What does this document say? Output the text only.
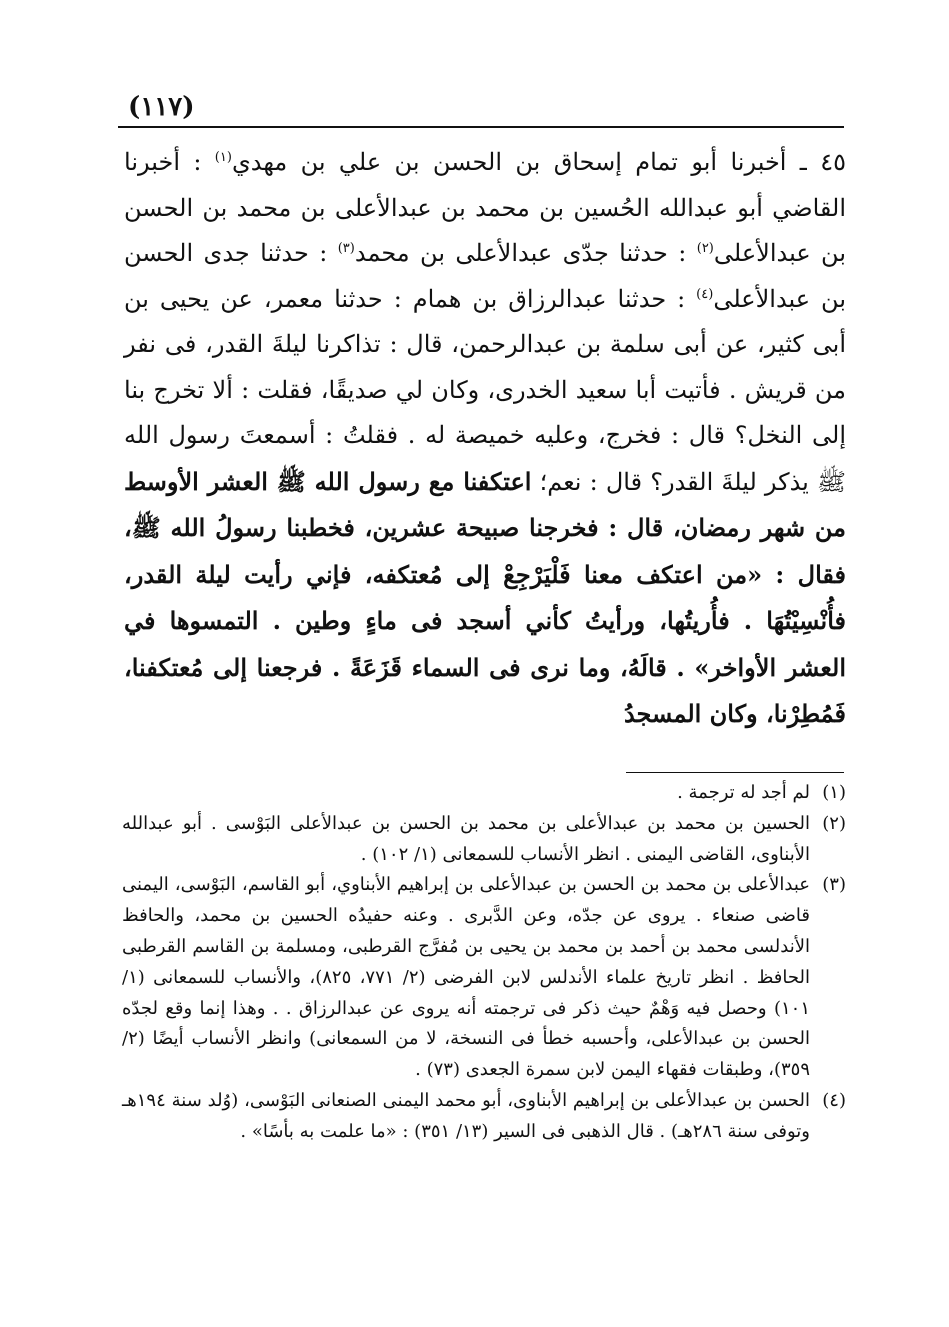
(١١٧)

٤٥ ـ أخبرنا أبو تمام إسحاق بن الحسن بن علي بن مهدي$^{(١)}$ : أخبرنا القاضي أبو عبدالله الحُسين بن محمد بن عبدالأعلى بن محمد بن الحسن بن عبدالأعلى$^{(٢)}$ : حدثنا جدّى عبدالأعلى بن محمد$^{(٣)}$ : حدثنا جدى الحسن بن عبدالأعلى$^{(٤)}$ : حدثنا عبدالرزاق بن همام : حدثنا معمر، عن يحيى بن أبى كثير، عن أبى سلمة بن عبدالرحمن، قال : تذاكرنا ليلةَ القدر، فى نفر من قريش . فأتيت أبا سعيد الخدرى، وكان لي صديقًا، فقلت : ألا تخرج بنا إلى النخل؟ قال : فخرج، وعليه خميصة له . فقلتُ : أسمعتَ رسول الله ﷺ يذكر ليلةَ القدر؟ قال : نعم؛ اعتكفنا مع رسول الله ﷺ العشر الأوسط من شهر رمضان، قال : فخرجنا صبيحة عشرين، فخطبنا رسولُ الله ﷺ، فقال : «من اعتكف معنا فَلْيَرْجِعْ إلى مُعتكفه، فإني رأيت ليلة القدر، فأُنْسِيْتُهَا . فأُريتُها، ورأيتُ كأني أسجد فى ماءٍ وطين . التمسوها في العشر الأواخر» . قالَهُ، وما نرى فى السماء قَزَعَةً . فرجعنا إلى مُعتكفنا، فَمُطِرْنا، وكان المسجدُ

(١)
لم أجد له ترجمة .

(٢)
الحسين بن محمد بن عبدالأعلى بن محمد بن الحسن بن عبدالأعلى البَوْسى . أبو عبدالله الأبناوى، القاضى اليمنى . انظر الأنساب للسمعانى (١/ ١٠٢) .

(٣)
عبدالأعلى بن محمد بن الحسن بن عبدالأعلى بن إبراهيم الأبناوي، أبو القاسم، البَوْسى، اليمنى قاضى صنعاء . يروى عن جدّه، وعن الدَّبرى . وعنه حفيدُه الحسين بن محمد، والحافظ الأندلسى محمد بن أحمد بن محمد بن يحيى بن مُفرَّج القرطبى، ومسلمة بن القاسم القرطبى الحافظ . انظر تاريخ علماء الأندلس لابن الفرضى (٢/ ٧٧١، ٨٢٥)، والأنساب للسمعانى (١/ ١٠١) وحصل فيه وَهْمٌ حيث ذكر فى ترجمته أنه يروى عن عبدالرزاق . . وهذا إنما وقع لجدّه الحسن بن عبدالأعلى، وأحسبه خطأ فى النسخة، لا من السمعانى) وانظر الأنساب أيضًا (٢/ ٣٥٩)، وطبقات فقهاء اليمن لابن سمرة الجعدى (٧٣) .

(٤)
الحسن بن عبدالأعلى بن إبراهيم الأبناوى، أبو محمد اليمنى الصنعانى البَوْسى، (وُلد سنة ١٩٤هـ وتوفى سنة ٢٨٦هـ) . قال الذهبى فى السير (١٣/ ٣٥١) : «ما علمت به بأسًا» .
